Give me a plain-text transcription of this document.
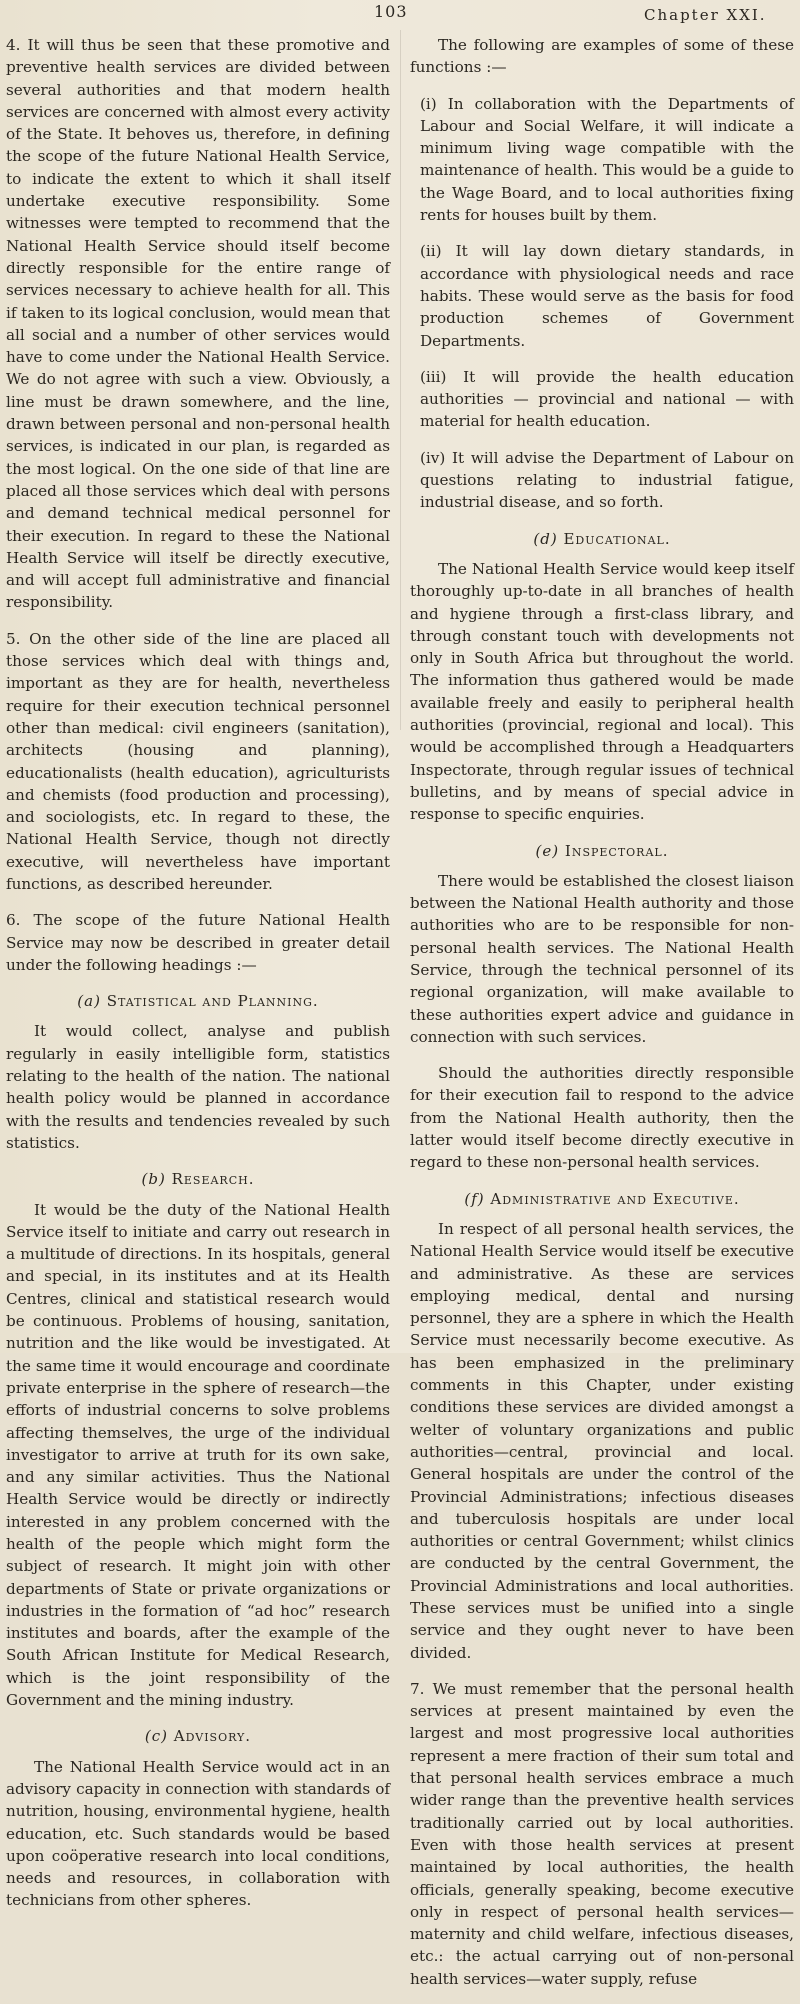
103	Chapter XXI.

4. It will thus be seen that these promotive and preventive health services are divided between several authorities and that modern health services are concerned with almost every activity of the State. It behoves us, therefore, in defining the scope of the future National Health Service, to indicate the extent to which it shall itself undertake executive responsibility. Some witnesses were tempted to recommend that the National Health Service should itself become directly responsible for the entire range of services necessary to achieve health for all. This if taken to its logical conclusion, would mean that all social and a number of other services would have to come under the National Health Service. We do not agree with such a view. Obviously, a line must be drawn somewhere, and the line, drawn between personal and non-personal health services, is indicated in our plan, is regarded as the most logical. On the one side of that line are placed all those services which deal with persons and demand technical medical personnel for their execution. In regard to these the National Health Service will itself be directly executive, and will accept full administrative and financial responsibility.

5. On the other side of the line are placed all those services which deal with things and, important as they are for health, nevertheless require for their execution technical personnel other than medical: civil engineers (sanitation), architects (housing and planning), educationalists (health education), agriculturists and chemists (food production and processing), and sociologists, etc. In regard to these, the National Health Service, though not directly executive, will nevertheless have important functions, as described hereunder.

6. The scope of the future National Health Service may now be described in greater detail under the following headings :—

(a) Statistical and Planning.

It would collect, analyse and publish regularly in easily intelligible form, statistics relating to the health of the nation. The national health policy would be planned in accordance with the results and tendencies revealed by such statistics.

(b) Research.

It would be the duty of the National Health Service itself to initiate and carry out research in a multitude of directions. In its hospitals, general and special, in its institutes and at its Health Centres, clinical and statistical research would be continuous. Problems of housing, sanitation, nutrition and the like would be investigated. At the same time it would encourage and coordinate private enterprise in the sphere of research—the efforts of industrial concerns to solve problems affecting themselves, the urge of the individual investigator to arrive at truth for its own sake, and any similar activities. Thus the National Health Service would be directly or indirectly interested in any problem concerned with the health of the people which might form the subject of research. It might join with other departments of State or private organizations or industries in the formation of “ad hoc” research institutes and boards, after the example of the South African Institute for Medical Research, which is the joint responsibility of the Government and the mining industry.

(c) Advisory.

The National Health Service would act in an advisory capacity in connection with standards of nutrition, housing, environmental hygiene, health education, etc. Such standards would be based upon coöperative research into local conditions, needs and resources, in collaboration with technicians from other spheres.

The following are examples of some of these functions :—

(i) In collaboration with the Departments of Labour and Social Welfare, it will indicate a minimum living wage compatible with the maintenance of health. This would be a guide to the Wage Board, and to local authorities fixing rents for houses built by them.

(ii) It will lay down dietary standards, in accordance with physiological needs and race habits. These would serve as the basis for food production schemes of Government Departments.

(iii) It will provide the health education authorities — provincial and national — with material for health education.

(iv) It will advise the Department of Labour on questions relating to industrial fatigue, industrial disease, and so forth.

(d) Educational.

The National Health Service would keep itself thoroughly up-to-date in all branches of health and hygiene through a first-class library, and through constant touch with developments not only in South Africa but throughout the world. The information thus gathered would be made available freely and easily to peripheral health authorities (provincial, regional and local). This would be accomplished through a Headquarters Inspectorate, through regular issues of technical bulletins, and by means of special advice in response to specific enquiries.

(e) Inspectoral.

There would be established the closest liaison between the National Health authority and those authorities who are to be responsible for non-personal health services. The National Health Service, through the technical personnel of its regional organization, will make available to these authorities expert advice and guidance in connection with such services.

Should the authorities directly responsible for their execution fail to respond to the advice from the National Health authority, then the latter would itself become directly executive in regard to these non-personal health services.

(f) Administrative and Executive.

In respect of all personal health services, the National Health Service would itself be executive and administrative. As these are services employing medical, dental and nursing personnel, they are a sphere in which the Health Service must necessarily become executive. As has been emphasized in the preliminary comments in this Chapter, under existing conditions these services are divided amongst a welter of voluntary organizations and public authorities—central, provincial and local. General hospitals are under the control of the Provincial Administrations; infectious diseases and tuberculosis hospitals are under local authorities or central Government; whilst clinics are conducted by the central Government, the Provincial Administrations and local authorities. These services must be unified into a single service and they ought never to have been divided.

7. We must remember that the personal health services at present maintained by even the largest and most progressive local authorities represent a mere fraction of their sum total and that personal health services embrace a much wider range than the preventive health services traditionally carried out by local authorities. Even with those health services at present maintained by local authorities, the health officials, generally speaking, become executive only in respect of personal health services—maternity and child welfare, infectious diseases, etc.: the actual carrying out of non-personal health services—water supply, refuse
